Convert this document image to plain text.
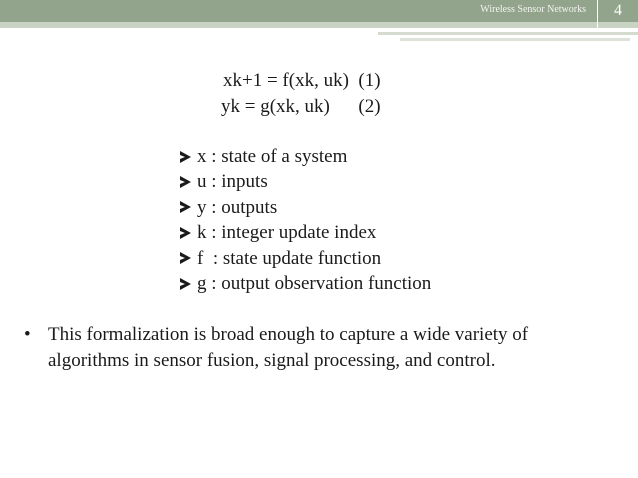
Wireless Sensor Networks	4
xk+1 = f(xk, uk)  (1)
yk = g(xk, uk)      (2)
x : state of a system
u : inputs
y : outputs
k : integer update index
f  : state update function
g : output observation function
• This formalization is broad enough to capture a wide variety of algorithms in sensor fusion, signal processing, and control.
